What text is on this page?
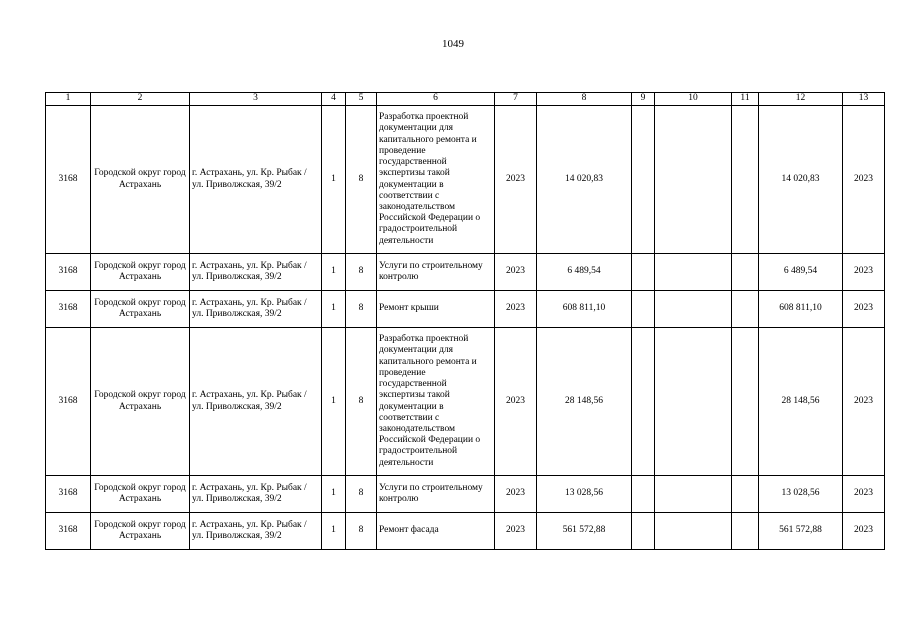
1049
1	2	3	4	5	6	7	8	9	10	11	12	13
3168	Городской округ город Астрахань	г. Астрахань, ул. Кр. Рыбак / ул. Приволжская, 39/2	1	8	Разработка проектной документации для капитального ремонта и проведение государственной экспертизы такой документации в соответствии с законодательством Российской Федерации о градостроительной деятельности	2023	14 020,83				14 020,83	2023
3168	Городской округ город Астрахань	г. Астрахань, ул. Кр. Рыбак / ул. Приволжская, 39/2	1	8	Услуги по строительному контролю	2023	6 489,54				6 489,54	2023
3168	Городской округ город Астрахань	г. Астрахань, ул. Кр. Рыбак / ул. Приволжская, 39/2	1	8	Ремонт крыши	2023	608 811,10				608 811,10	2023
3168	Городской округ город Астрахань	г. Астрахань, ул. Кр. Рыбак / ул. Приволжская, 39/2	1	8	Разработка проектной документации для капитального ремонта и проведение государственной экспертизы такой документации в соответствии с законодательством Российской Федерации о градостроительной деятельности	2023	28 148,56				28 148,56	2023
3168	Городской округ город Астрахань	г. Астрахань, ул. Кр. Рыбак / ул. Приволжская, 39/2	1	8	Услуги по строительному контролю	2023	13 028,56				13 028,56	2023
3168	Городской округ город Астрахань	г. Астрахань, ул. Кр. Рыбак / ул. Приволжская, 39/2	1	8	Ремонт фасада	2023	561 572,88				561 572,88	2023
